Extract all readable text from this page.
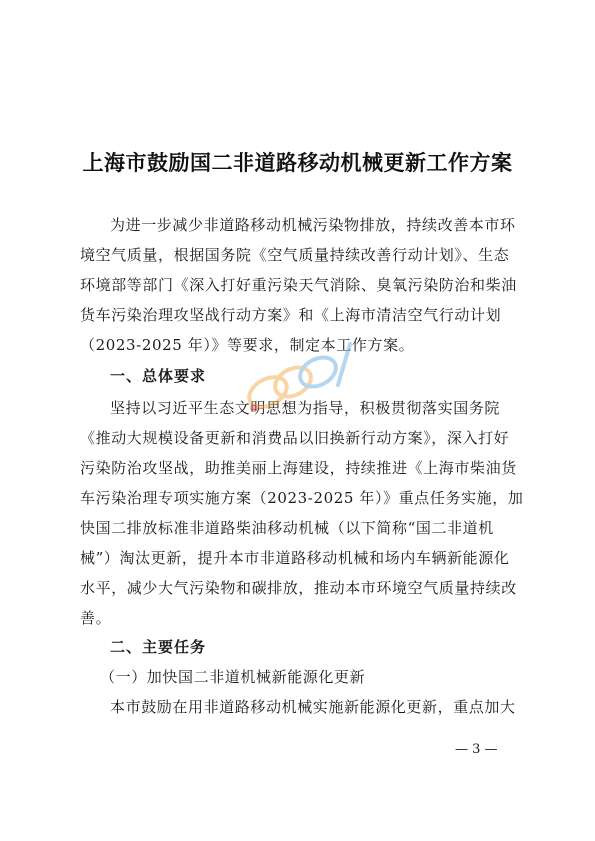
上海市鼓励国二非道路移动机械更新工作方案
为进一步减少非道路移动机械污染物排放，持续改善本市环
境空气质量，根据国务院《空气质量持续改善行动计划》、生态
环境部等部门《深入打好重污染天气消除、臭氧污染防治和柴油
货车污染治理攻坚战行动方案》和《上海市清洁空气行动计划
（2023-2025 年）》等要求，制定本工作方案。
一、总体要求
坚持以习近平生态文明思想为指导，积极贯彻落实国务院
《推动大规模设备更新和消费品以旧换新行动方案》，深入打好
污染防治攻坚战，助推美丽上海建设，持续推进《上海市柴油货
车污染治理专项实施方案（2023-2025 年）》重点任务实施，加
快国二排放标准非道路柴油移动机械（以下简称“国二非道机
械”）淘汰更新，提升本市非道路移动机械和场内车辆新能源化
水平，减少大气污染物和碳排放，推动本市环境空气质量持续改
善。
二、主要任务
（一）加快国二非道机械新能源化更新
本市鼓励在用非道路移动机械实施新能源化更新，重点加大
— 3 —
